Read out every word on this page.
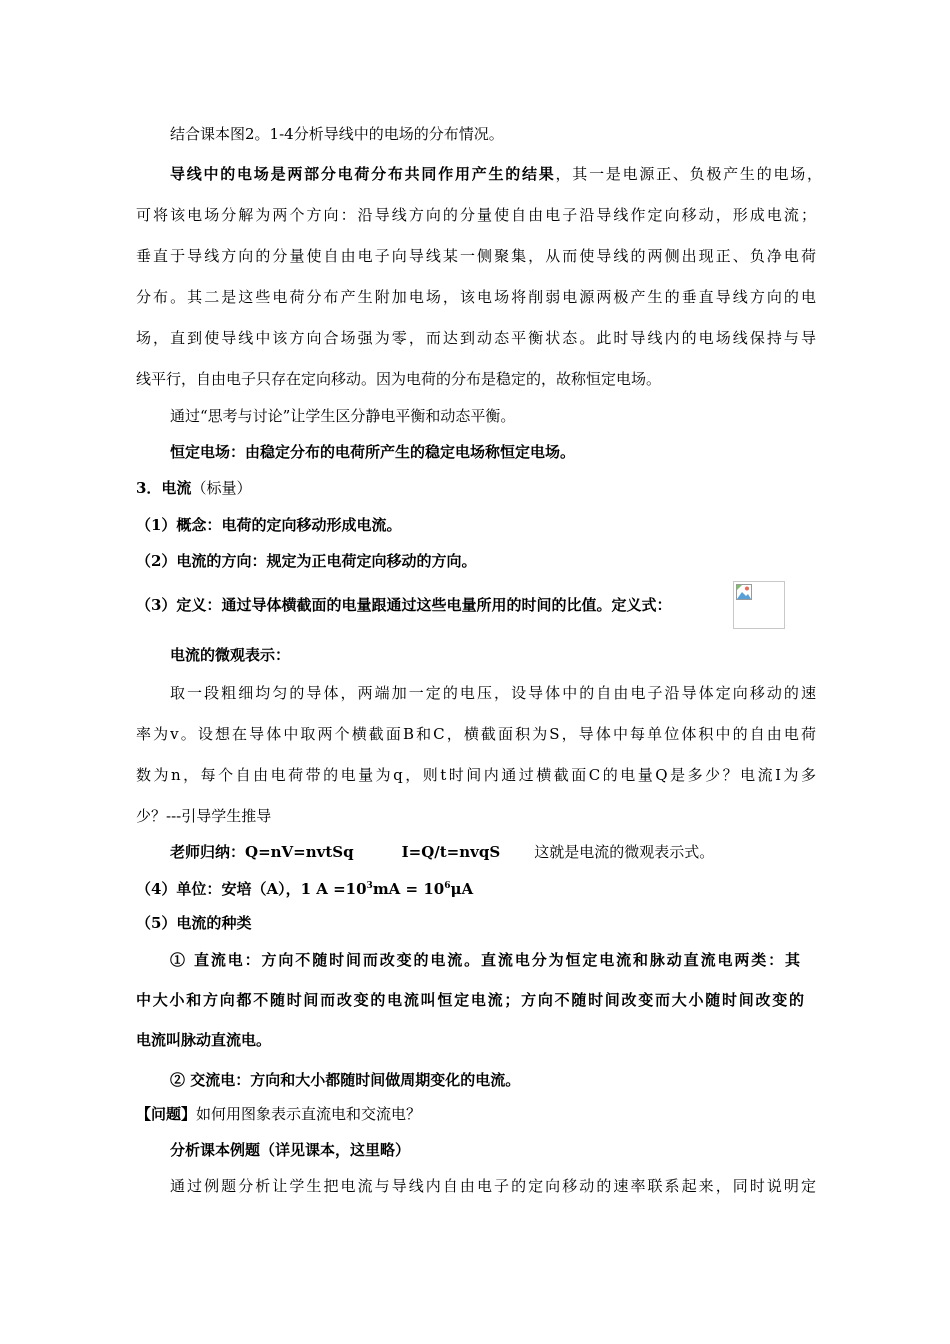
结合课本图2。1-4分析导线中的电场的分布情况。
导线中的电场是两部分电荷分布共同作用产生的结果，其一是电源正、负极产生的电场，
可将该电场分解为两个方向：沿导线方向的分量使自由电子沿导线作定向移动，形成电流；
垂直于导线方向的分量使自由电子向导线某一侧聚集，从而使导线的两侧出现正、负净电荷
分布。其二是这些电荷分布产生附加电场，该电场将削弱电源两极产生的垂直导线方向的电
场，直到使导线中该方向合场强为零，而达到动态平衡状态。此时导线内的电场线保持与导
线平行，自由电子只存在定向移动。因为电荷的分布是稳定的，故称恒定电场。
通过“思考与讨论”让学生区分静电平衡和动态平衡。
恒定电场：由稳定分布的电荷所产生的稳定电场称恒定电场。
3．电流（标量）
（1）概念：电荷的定向移动形成电流。
（2）电流的方向：规定为正电荷定向移动的方向。
（3）定义：通过导体横截面的电量跟通过这些电量所用的时间的比值。定义式：
电流的微观表示：
取一段粗细均匀的导体，两端加一定的电压，设导体中的自由电子沿导体定向移动的速
率为v。设想在导体中取两个横截面B和C，横截面积为S，导体中每单位体积中的自由电荷
数为n，每个自由电荷带的电量为q，则t时间内通过横截面C的电量Q是多少？电流I为多
少？---引导学生推导
老师归纳：Q=nV=nvtSq	I=Q/t=nvqS 这就是电流的微观表示式。
（4）单位：安培（A），1 $A =10^3mA = 10^6\mu A$
（5）电流的种类
① 直流电：方向不随时间而改变的电流。直流电分为恒定电流和脉动直流电两类：其
中大小和方向都不随时间而改变的电流叫恒定电流；方向不随时间改变而大小随时间改变的
电流叫脉动直流电。
② 交流电：方向和大小都随时间做周期变化的电流。
【问题】如何用图象表示直流电和交流电？
分析课本例题（详见课本，这里略）
通过例题分析让学生把电流与导线内自由电子的定向移动的速率联系起来，同时说明定
